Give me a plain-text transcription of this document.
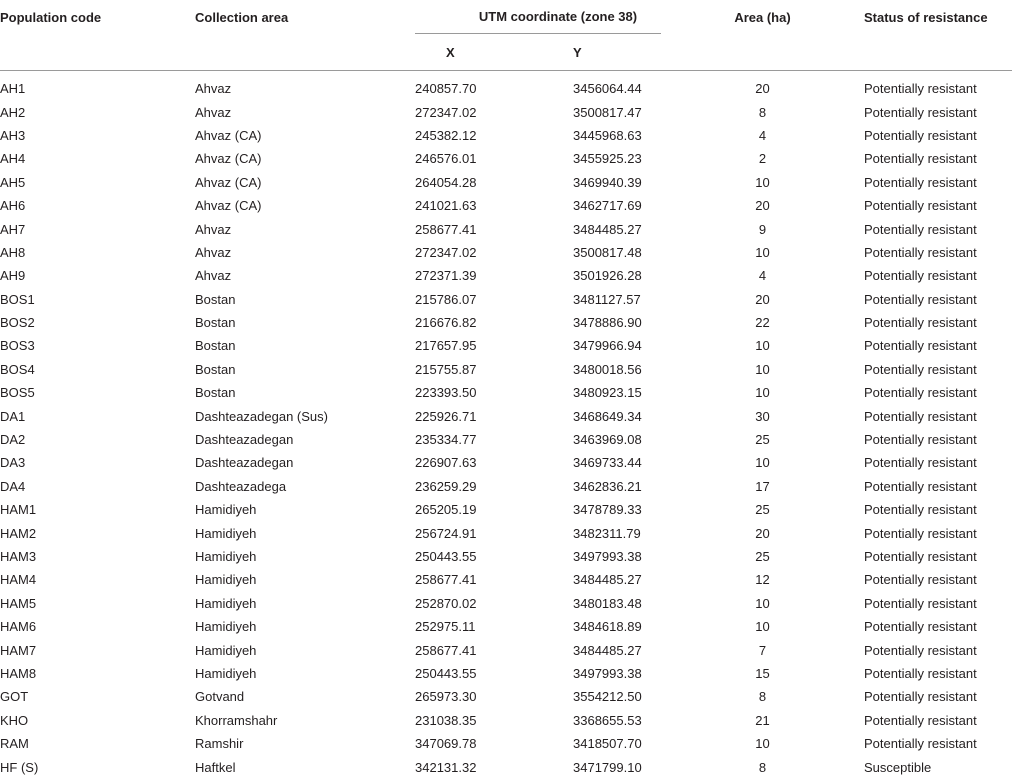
Population code	Collection area	UTM coordinate (zone 38)		Area (ha)	Status of resistance
		X	Y		
AH1	Ahvaz	240857.70	3456064.44	20	Potentially resistant
AH2	Ahvaz	272347.02	3500817.47	8	Potentially resistant
AH3	Ahvaz (CA)	245382.12	3445968.63	4	Potentially resistant
AH4	Ahvaz (CA)	246576.01	3455925.23	2	Potentially resistant
AH5	Ahvaz (CA)	264054.28	3469940.39	10	Potentially resistant
AH6	Ahvaz (CA)	241021.63	3462717.69	20	Potentially resistant
AH7	Ahvaz	258677.41	3484485.27	9	Potentially resistant
AH8	Ahvaz	272347.02	3500817.48	10	Potentially resistant
AH9	Ahvaz	272371.39	3501926.28	4	Potentially resistant
BOS1	Bostan	215786.07	3481127.57	20	Potentially resistant
BOS2	Bostan	216676.82	3478886.90	22	Potentially resistant
BOS3	Bostan	217657.95	3479966.94	10	Potentially resistant
BOS4	Bostan	215755.87	3480018.56	10	Potentially resistant
BOS5	Bostan	223393.50	3480923.15	10	Potentially resistant
DA1	Dashteazadegan (Sus)	225926.71	3468649.34	30	Potentially resistant
DA2	Dashteazadegan	235334.77	3463969.08	25	Potentially resistant
DA3	Dashteazadegan	226907.63	3469733.44	10	Potentially resistant
DA4	Dashteazadega	236259.29	3462836.21	17	Potentially resistant
HAM1	Hamidiyeh	265205.19	3478789.33	25	Potentially resistant
HAM2	Hamidiyeh	256724.91	3482311.79	20	Potentially resistant
HAM3	Hamidiyeh	250443.55	3497993.38	25	Potentially resistant
HAM4	Hamidiyeh	258677.41	3484485.27	12	Potentially resistant
HAM5	Hamidiyeh	252870.02	3480183.48	10	Potentially resistant
HAM6	Hamidiyeh	252975.11	3484618.89	10	Potentially resistant
HAM7	Hamidiyeh	258677.41	3484485.27	7	Potentially resistant
HAM8	Hamidiyeh	250443.55	3497993.38	15	Potentially resistant
GOT	Gotvand	265973.30	3554212.50	8	Potentially resistant
KHO	Khorramshahr	231038.35	3368655.53	21	Potentially resistant
RAM	Ramshir	347069.78	3418507.70	10	Potentially resistant
HF (S)	Haftkel	342131.32	3471799.10	8	Susceptible
